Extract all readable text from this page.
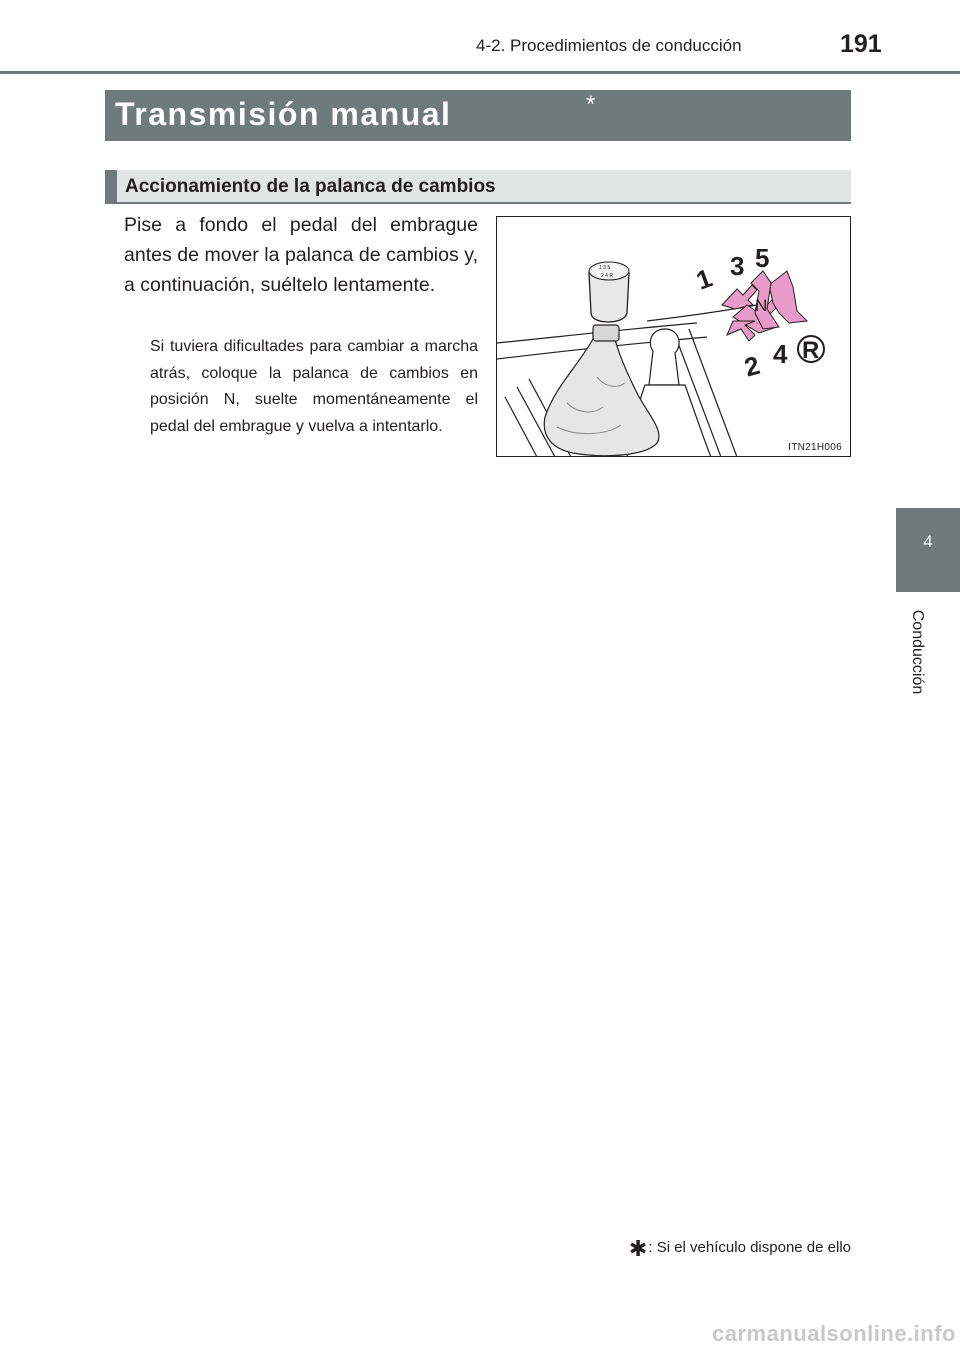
4-2. Procedimientos de conducción	191
Transmisión manual	*
Accionamiento de la palanca de cambios
Pise a fondo el pedal del embrague antes de mover la palanca de cambios y, a continuación, suéltelo lentamente.
Si tuviera dificultades para cambiar a marcha atrás, coloque la palanca de cambios en posición N, suelte momentáneamente el pedal del embrague y vuelva a intentarlo.
1 3 5
2 4 R	1 3 5
N
2 4 R
ITN21H006
4
Conducción
✱: Si el vehículo dispone de ello
carmanualsonline.info
